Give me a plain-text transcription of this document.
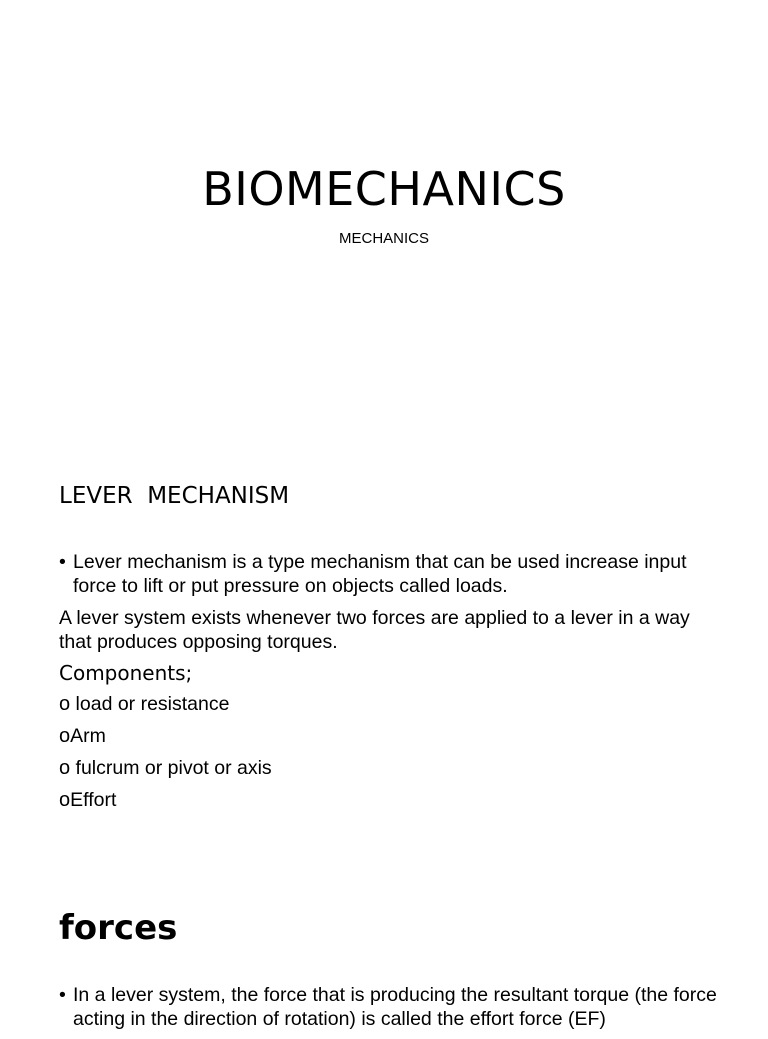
BIOMECHANICS
MECHANICS
LEVER  MECHANISM
• Lever mechanism is a type mechanism that can be used increase input force to lift or put pressure on objects called loads.
A lever system exists whenever two forces are applied to a lever in a way that produces opposing torques.
Components;
o load or resistance
o Arm
o fulcrum or pivot or axis
o Effort
forces
• In a lever system, the force that is producing the resultant torque (the force acting in the direction of rotation) is called the effort force (EF)
